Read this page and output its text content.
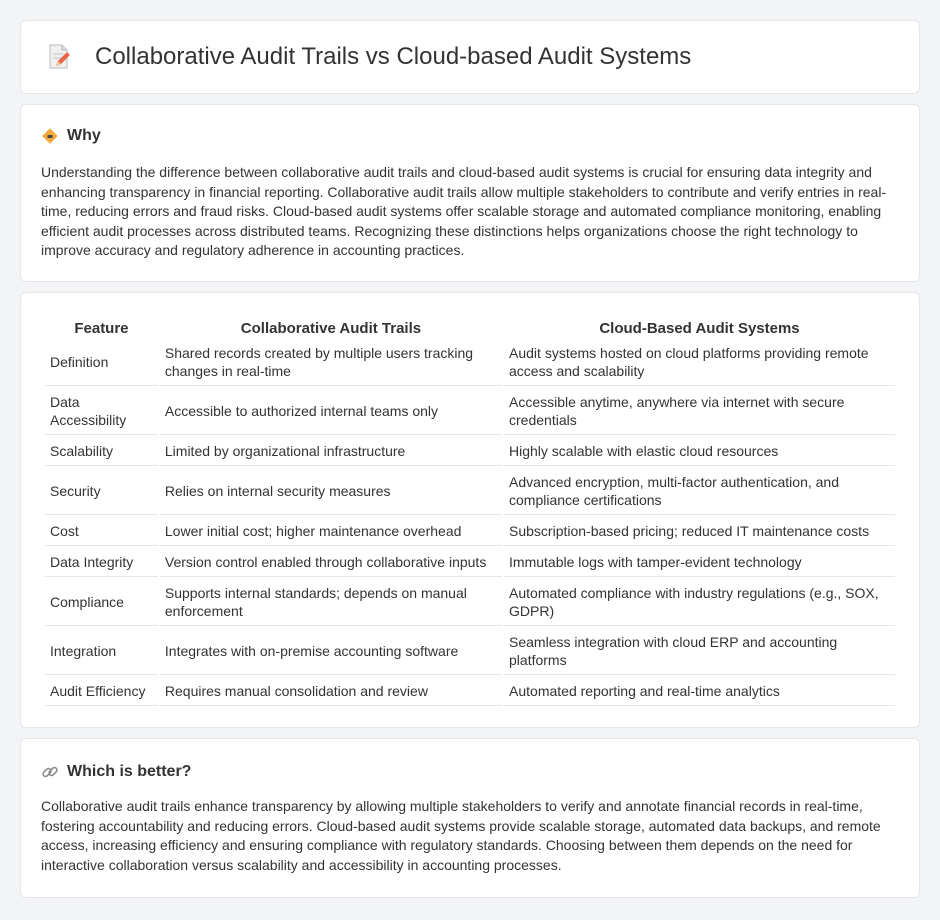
Collaborative Audit Trails vs Cloud-based Audit Systems
Why

Understanding the difference between collaborative audit trails and cloud-based audit systems is crucial for ensuring data integrity and enhancing transparency in financial reporting. Collaborative audit trails allow multiple stakeholders to contribute and verify entries in real-time, reducing errors and fraud risks. Cloud-based audit systems offer scalable storage and automated compliance monitoring, enabling efficient audit processes across distributed teams. Recognizing these distinctions helps organizations choose the right technology to improve accuracy and regulatory adherence in accounting practices.

Feature	Collaborative Audit Trails	Cloud-Based Audit Systems
Definition	Shared records created by multiple users tracking changes in real-time	Audit systems hosted on cloud platforms providing remote access and scalability
Data Accessibility	Accessible to authorized internal teams only	Accessible anytime, anywhere via internet with secure credentials
Scalability	Limited by organizational infrastructure	Highly scalable with elastic cloud resources
Security	Relies on internal security measures	Advanced encryption, multi-factor authentication, and compliance certifications
Cost	Lower initial cost; higher maintenance overhead	Subscription-based pricing; reduced IT maintenance costs
Data Integrity	Version control enabled through collaborative inputs	Immutable logs with tamper-evident technology
Compliance	Supports internal standards; depends on manual enforcement	Automated compliance with industry regulations (e.g., SOX, GDPR)
Integration	Integrates with on-premise accounting software	Seamless integration with cloud ERP and accounting platforms
Audit Efficiency	Requires manual consolidation and review	Automated reporting and real-time analytics
Which is better?

Collaborative audit trails enhance transparency by allowing multiple stakeholders to verify and annotate financial records in real-time, fostering accountability and reducing errors. Cloud-based audit systems provide scalable storage, automated data backups, and remote access, increasing efficiency and ensuring compliance with regulatory standards. Choosing between them depends on the need for interactive collaboration versus scalability and accessibility in accounting processes.
